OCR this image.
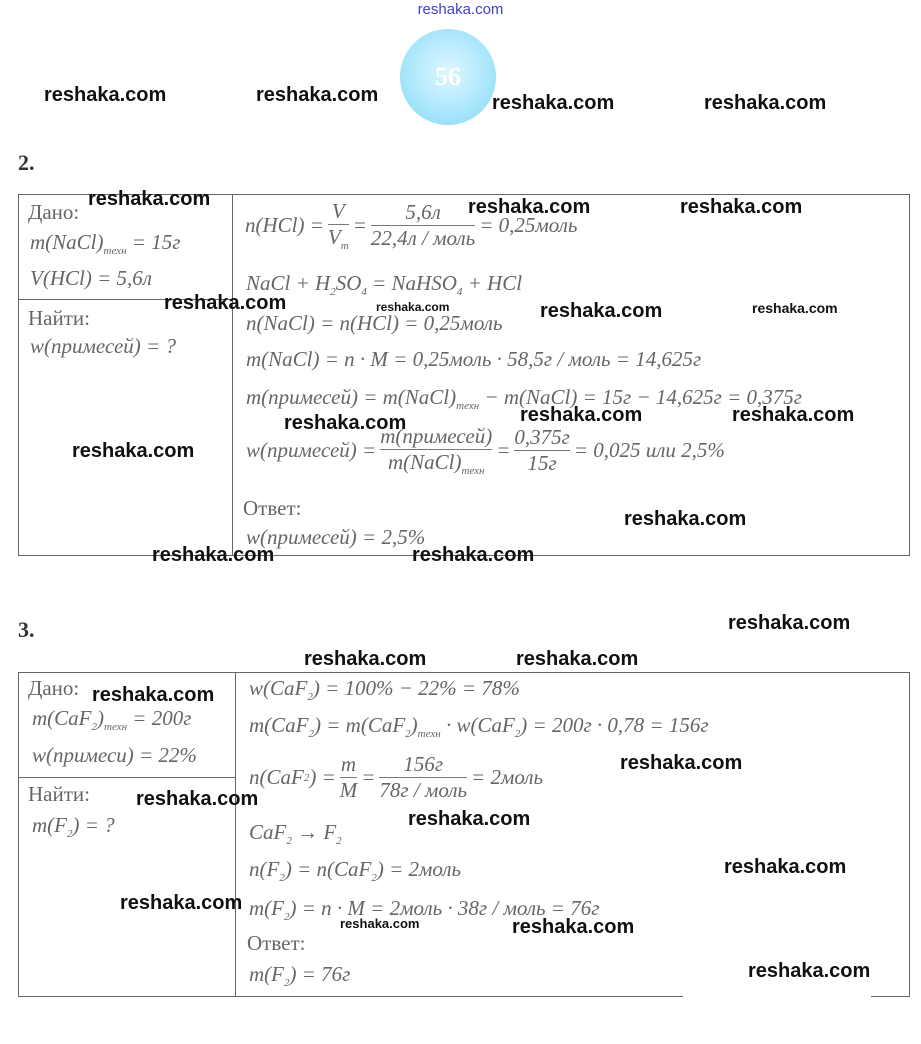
reshaka.com
56
2.
Дано:
$m(NaCl)_{техн} = 15г$
V(HCl) = 5,6л
Найти:
w(примесей) = ?
$n(HCl) = \frac{V}{V_m} = \frac{5,6л}{\text{22,4л / моль}}$ = 0,25моль
NaCl + $H_2SO_4$ = NaHSO$_4$ + HCl
n(NaCl) = n(HCl) = 0,25моль
m(NaCl) = n · M = 0,25моль · 58,5г / моль = 14,625г
m(примесей) = $m(NaCl)_{техн}$ − m(NaCl) = 15г − 14,625г = 0,375г
w(примесей) = $\frac{\text{m(примесей)}}{m(NaCl)_{техн}} = \frac{0,375г}{15г} = 0,025$ или 2,5%
Ответ:
w(примесей) = 2,5%
3.
Дано:
$m(CaF_2)_{техн} = 200г$
w(примеси) = 22%
Найти:
$m(F_2)$ = ?
w(CaF$_2$) = 100% − 22% = 78%
$m(CaF_2) = m(CaF_2)_{техн} \cdot w(CaF_2) = 200г \cdot 0,78 = 156г$
n(CaF 2 ) = $\frac{m}{M} = \frac{156г}{\text{78г / моль}}$ = 2моль
$CaF_2 \to F_2$
$n(F_2) = n(CaF_2)$ = 2моль
$m(F_2) = n \cdot M$ = 2моль · 38г / моль = 76г
Ответ:
$m(F_2) = 76г$
reshaka.com	reshaka.com	reshaka.com	reshaka.com
reshaka.com	reshaka.com	reshaka.com
reshaka.com	reshaka.com	reshaka.com	reshaka.com
reshaka.com	reshaka.com	reshaka.com
reshaka.com
reshaka.com
reshaka.com	reshaka.com
reshaka.com
reshaka.com	reshaka.com
reshaka.com
reshaka.com
reshaka.com
reshaka.com
reshaka.com
reshaka.com
reshaka.com	reshaka.com
reshaka.com
